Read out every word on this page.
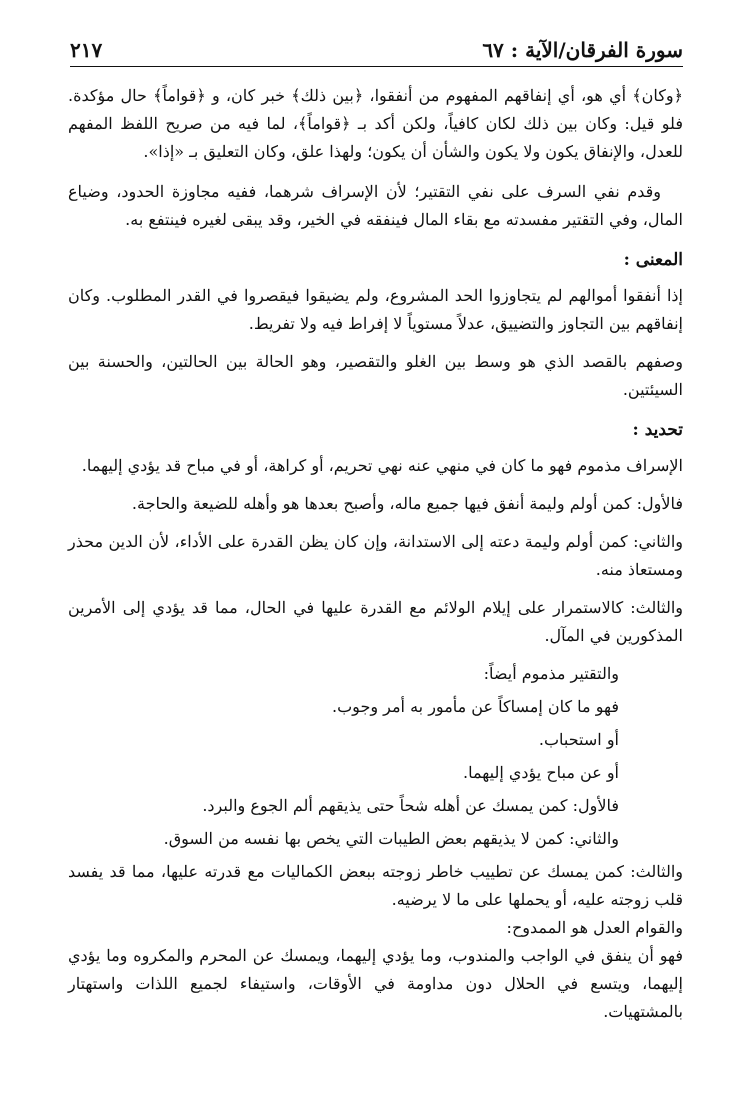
سورة الفرقان/الآية : ٦٧
٢١٧

﴿وكان﴾ أي هو، أي إنفاقهم المفهوم من أنفقوا، ﴿بين ذلك﴾ خبر كان، و ﴿قواماً﴾ حال مؤكدة. فلو قيل: وكان بين ذلك لكان كافياً، ولكن أكد بـ ﴿قواماً﴾، لما فيه من صريح اللفظ المفهم للعدل، والإنفاق يكون ولا يكون والشأن أن يكون؛ ولهذا علق، وكان التعليق بـ «إذا».

وقدم نفي السرف على نفي التقتير؛ لأن الإسراف شرهما، ففيه مجاوزة الحدود، وضياع المال، وفي التقتير مفسدته مع بقاء المال فينفقه في الخير، وقد يبقى لغيره فينتفع به.

المعنى :

إذا أنفقوا أموالهم لم يتجاوزوا الحد المشروع، ولم يضيقوا فيقصروا في القدر المطلوب. وكان إنفاقهم بين التجاوز والتضييق، عدلاً مستوياً لا إفراط فيه ولا تفريط.

وصفهم بالقصد الذي هو وسط بين الغلو والتقصير، وهو الحالة بين الحالتين، والحسنة بين السيئتين.

تحديد :

الإسراف مذموم فهو ما كان في منهي عنه نهي تحريم، أو كراهة، أو في مباح قد يؤدي إليهما.

فالأول: كمن أولم وليمة أنفق فيها جميع ماله، وأصبح بعدها هو وأهله للضيعة والحاجة.

والثاني: كمن أولم وليمة دعته إلى الاستدانة، وإن كان يظن القدرة على الأداء، لأن الدين محذر ومستعاذ منه.

والثالث: كالاستمرار على إيلام الولائم مع القدرة عليها في الحال، مما قد يؤدي إلى الأمرين المذكورين في المآل.

والتقتير مذموم أيضاً:

فهو ما كان إمساكاً عن مأمور به أمر وجوب.

أو استحباب.

أو عن مباح يؤدي إليهما.

فالأول: كمن يمسك عن أهله شحاً حتى يذيقهم ألم الجوع والبرد.

والثاني: كمن لا يذيقهم بعض الطيبات التي يخص بها نفسه من السوق.

والثالث: كمن يمسك عن تطييب خاطر زوجته ببعض الكماليات مع قدرته عليها، مما قد يفسد قلب زوجته عليه، أو يحملها على ما لا يرضيه.

والقوام العدل هو الممدوح:

فهو أن ينفق في الواجب والمندوب، وما يؤدي إليهما، ويمسك عن المحرم والمكروه وما يؤدي إليهما، ويتسع في الحلال دون مداومة في الأوقات، واستيفاء لجميع اللذات واستهتار بالمشتهيات.
